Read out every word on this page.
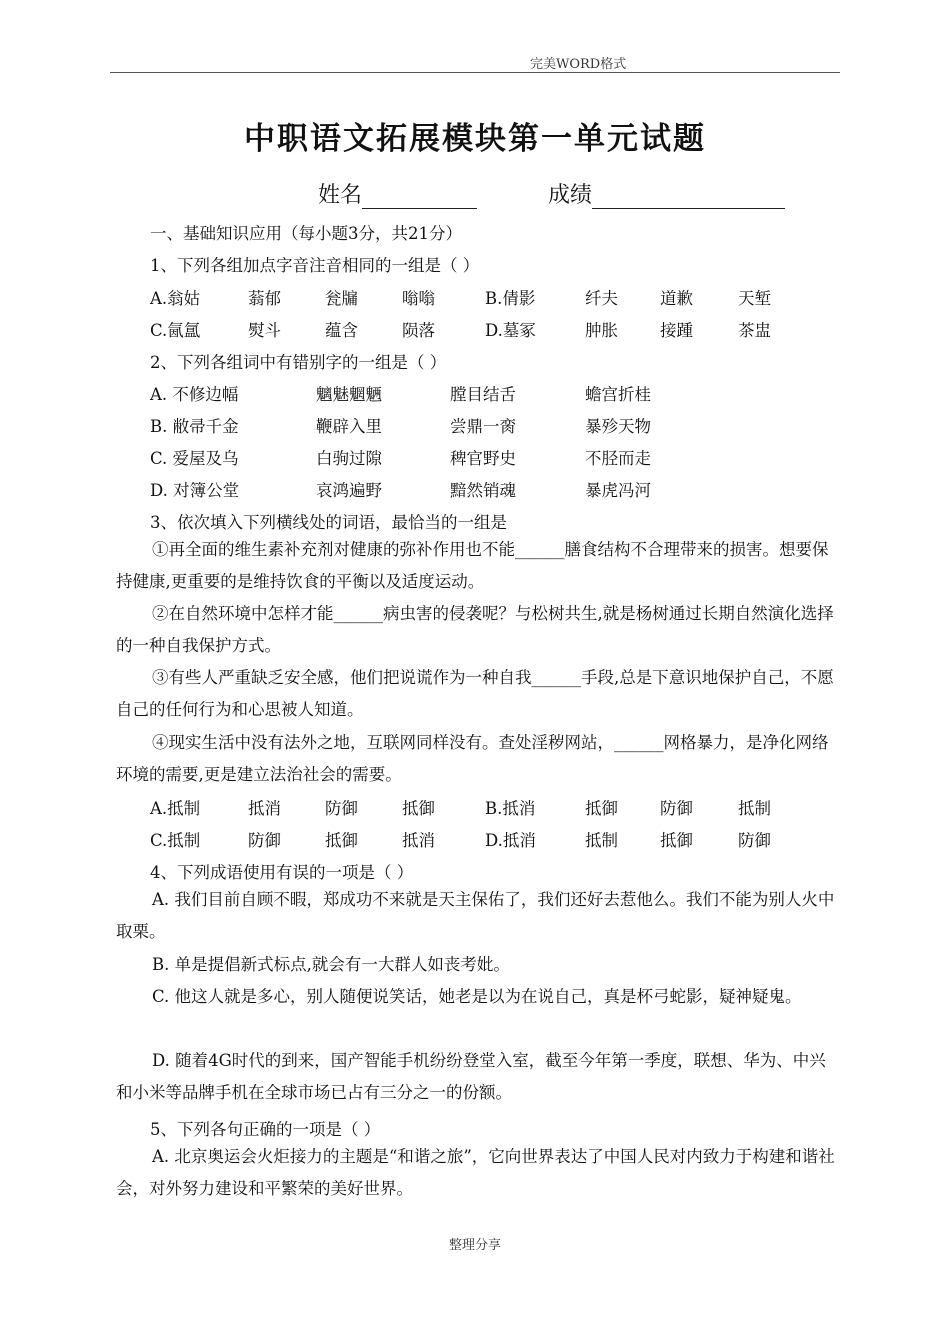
完美WORD格式
中职语文拓展模块第一单元试题
姓名	成绩
一、基础知识应用（每小题3分，共21分）
1、下列各组加点字音注音相同的一组是（ ）
A.翁姑	蓊郁	瓮牖	嗡嗡	B.倩影	纤夫	道歉	天堑
C.氤氲	熨斗	蕴含	陨落	D.墓冢	肿胀	接踵	茶盅
2、下列各组词中有错别字的一组是（ ）
A. 不修边幅	魑魅魍魉	膛目结舌	蟾宫折桂
B. 敝帚千金	鞭辟入里	尝鼎一脔	暴殄天物
C. 爱屋及乌	白驹过隙	稗官野史	不胫而走
D. 对簿公堂	哀鸿遍野	黯然销魂	暴虎冯河
3、依次填入下列横线处的词语，最恰当的一组是
①再全面的维生素补充剂对健康的弥补作用也不能______膳食结构不合理带来的损害。想要保持健康,更重要的是维持饮食的平衡以及适度运动。
②在自然环境中怎样才能______病虫害的侵袭呢？与松树共生,就是杨树通过长期自然演化选择的一种自我保护方式。
③有些人严重缺乏安全感，他们把说谎作为一种自我______手段,总是下意识地保护自己，不愿自己的任何行为和心思被人知道。
④现实生活中没有法外之地，互联网同样没有。查处淫秽网站，______网格暴力，是净化网络环境的需要,更是建立法治社会的需要。
A.抵制	抵消	防御	抵御	B.抵消	抵御	防御	抵制
C.抵制	防御	抵御	抵消	D.抵消	抵制	抵御	防御
4、下列成语使用有误的一项是（ ）
A. 我们目前自顾不暇，郑成功不来就是天主保佑了，我们还好去惹他么。我们不能为别人火中取栗。
B. 单是提倡新式标点,就会有一大群人如丧考妣。
C. 他这人就是多心，别人随便说笑话，她老是以为在说自己，真是杯弓蛇影，疑神疑鬼。
D. 随着4G时代的到来，国产智能手机纷纷登堂入室，截至今年第一季度，联想、华为、中兴和小米等品牌手机在全球市场已占有三分之一的份额。
5、下列各句正确的一项是（ ）
A. 北京奥运会火炬接力的主题是“和谐之旅”，它向世界表达了中国人民对内致力于构建和谐社会，对外努力建设和平繁荣的美好世界。
整理分享
